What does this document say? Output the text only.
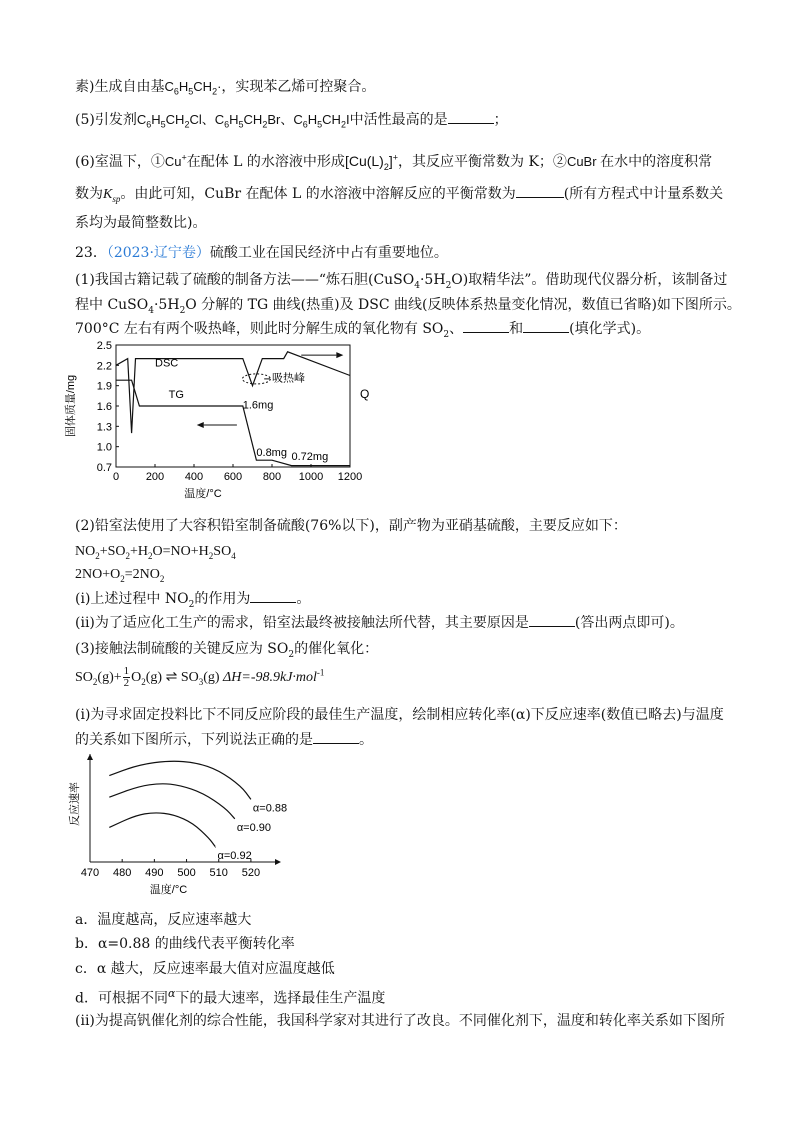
素)生成自由基$C_6H_5CH_2\cdot$，实现苯乙烯可控聚合。
(5)引发剂$C_6H_5CH_2Cl$、$C_6H_5CH_2Br$、$C_6H_5CH_2I$中活性最高的是	；
(6)室温下，①Cu+在配体 L 的水溶液中形成$[Cu(L)_2]^+$，其反应平衡常数为 K；②CuBr 在水中的溶度积常
数为$K_{sp}$。由此可知，CuBr 在配体 L 的水溶液中溶解反应的平衡常数为	(所有方程式中计量系数关
系均为最简整数比)。
23．（2023·辽宁卷）硫酸工业在国民经济中占有重要地位。
(1)我国古籍记载了硫酸的制备方法——“炼石胆$(CuSO_4\cdot 5H_2O)$取精华法”。借助现代仪器分析，该制备过
程中 $CuSO_4\cdot 5H_2O$ 分解的 TG 曲线(热重)及 DSC 曲线(反映体系热量变化情况，数值已省略)如下图所示。
700°C 左右有两个吸热峰，则此时分解生成的氧化物有 $SO_2$、	和	(填化学式)。
0 200 400 600 800 1000 1200
0.7
1.0
1.3
1.6
1.9
2.2
2.5
温度/°C
固体质量/mg	Q
DSC
TG
1.6mg
0.8mg 0.72mg
吸热峰
(2)铅室法使用了大容积铅室制备硫酸(76%以下)，副产物为亚硝基硫酸，主要反应如下：
$NO_2+SO_2+H_2O=NO+H_2SO_4$
$2NO+O_2=2NO_2$
(i)上述过程中 $NO_2$的作用为	。
(ii)为了适应化工生产的需求，铅室法最终被接触法所代替，其主要原因是	(答出两点即可)。
(3)接触法制硫酸的关键反应为 $SO_2$的催化氧化：
$SO_2(g)+ \frac{1}{2} O_2(g)$ ⇌ $SO_3(g)$ ΔH=-98.9kJ·mol$^{-1}$
(i)为寻求固定投料比下不同反应阶段的最佳生产温度，绘制相应转化率(α)下反应速率(数值已略去)与温度
的关系如下图所示，下列说法正确的是	。
470 480 490 500 510 520
温度/°C
反应速率	α=0.88
α=0.90
α=0.92
a．温度越高，反应速率越大
b．α=0.88 的曲线代表平衡转化率
c．α 越大，反应速率最大值对应温度越低
d．可根据不同$^\alpha$下的最大速率，选择最佳生产温度
(ii)为提高钒催化剂的综合性能，我国科学家对其进行了改良。不同催化剂下，温度和转化率关系如下图所
